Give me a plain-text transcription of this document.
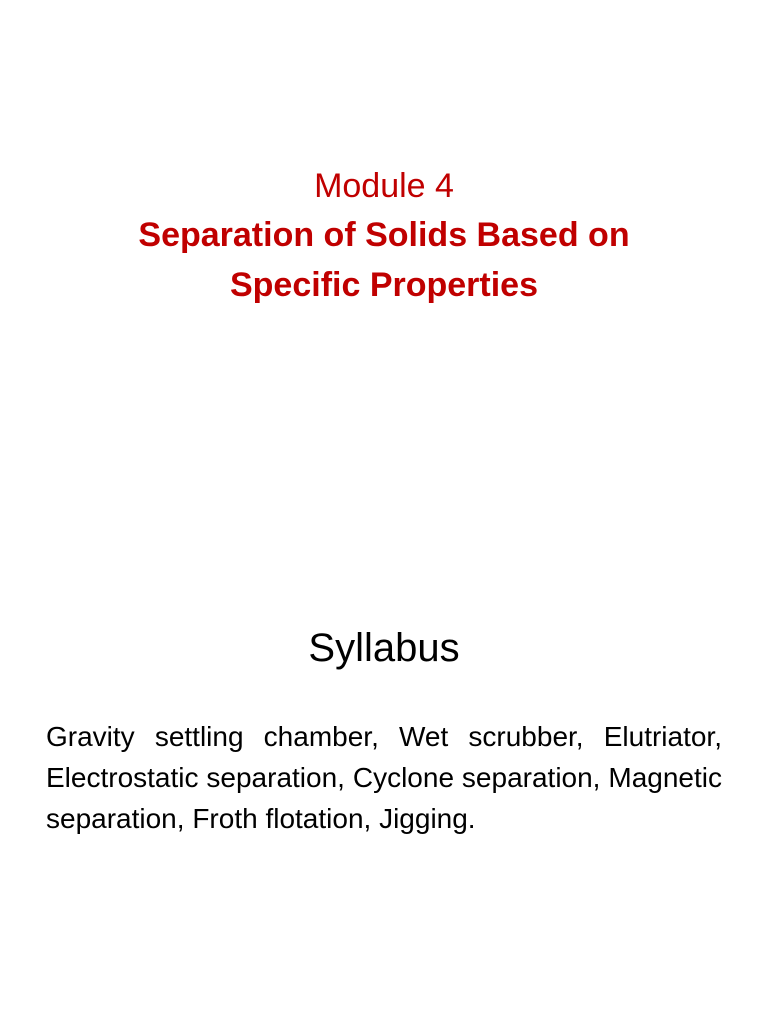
Module 4
Separation of Solids Based on
Specific Properties
Syllabus
Gravity settling chamber, Wet scrubber, Elutriator, Electrostatic separation, Cyclone separation, Magnetic separation, Froth flotation, Jigging.
